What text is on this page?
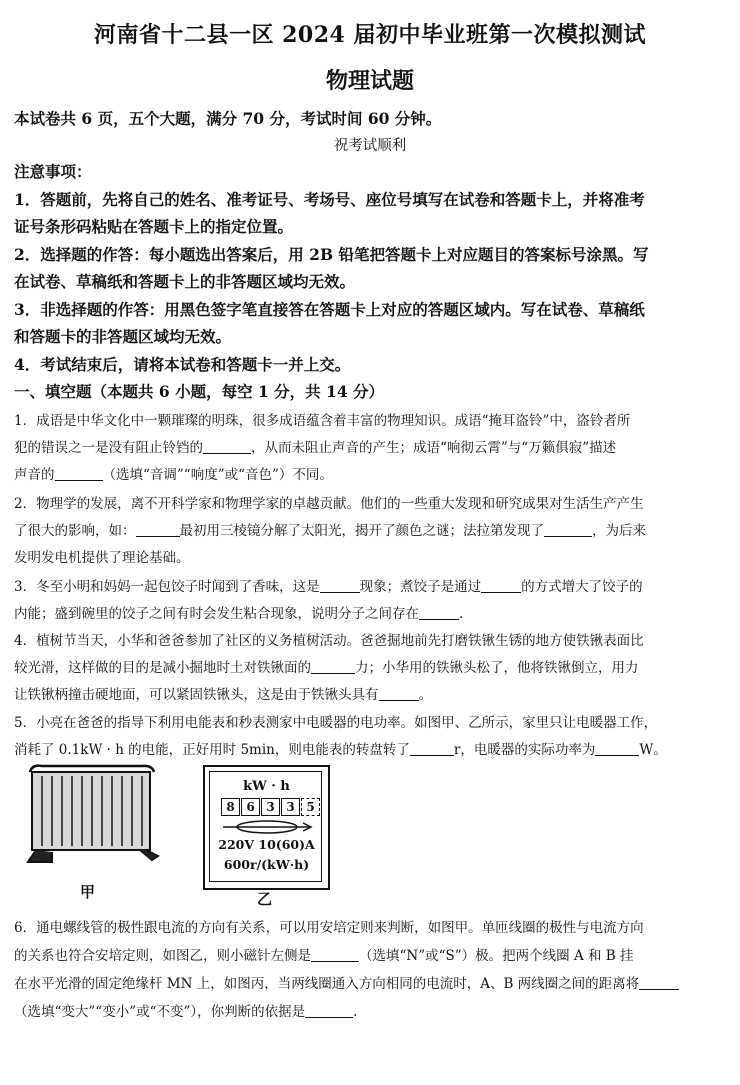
河南省十二县一区 2024 届初中毕业班第一次模拟测试
物理试题
本试卷共 6 页，五个大题，满分 70 分，考试时间 60 分钟。
祝考试顺利
注意事项：
1．答题前，先将自己的姓名、准考证号、考场号、座位号填写在试卷和答题卡上，并将准考
证号条形码粘贴在答题卡上的指定位置。
2．选择题的作答：每小题选出答案后，用 2B 铅笔把答题卡上对应题目的答案标号涂黑。写
在试卷、草稿纸和答题卡上的非答题区域均无效。
3．非选择题的作答：用黑色签字笔直接答在答题卡上对应的答题区域内。写在试卷、草稿纸
和答题卡的非答题区域均无效。
4．考试结束后，请将本试卷和答题卡一并上交。
一、填空题（本题共 6 小题，每空 1 分，共 14 分）
1．成语是中华文化中一颗璀璨的明珠，很多成语蕴含着丰富的物理知识。成语“掩耳盗铃”中，盗铃者所
犯的错误之一是没有阻止铃铛的	，从而未阻止声音的产生；成语“响彻云霄”与“万籁俱寂”描述
声音的	（选填“音调”“响度”或“音色”）不同。
2．物理学的发展，离不开科学家和物理学家的卓越贡献。他们的一些重大发现和研究成果对生活生产产生
了很大的影响，如：	最初用三棱镜分解了太阳光，揭开了颜色之谜；法拉第发现了	，为后来
发明发电机提供了理论基础。
3．冬至小明和妈妈一起包饺子时闻到了香味，这是	现象；煮饺子是通过	的方式增大了饺子的
内能；盛到碗里的饺子之间有时会发生粘合现象，说明分子之间存在	.
4．植树节当天，小华和爸爸参加了社区的义务植树活动。爸爸掘地前先打磨铁锹生锈的地方使铁锹表面比
较光滑，这样做的目的是减小掘地时土对铁锹面的	力；小华用的铁锹头松了，他将铁锹倒立，用力
让铁锹柄撞击硬地面，可以紧固铁锹头，这是由于铁锹头具有	。
5．小亮在爸爸的指导下利用电能表和秒表测家中电暖器的电功率。如图甲、乙所示，家里只让电暖器工作，
消耗了 0.1kW · h 的电能，正好用时 5min，则电能表的转盘转了	r，电暖器的实际功率为	W。
甲
kW · h
8 6 3 3 5
220V 10(60)A
600r/(kW·h)
乙
6．通电螺线管的极性跟电流的方向有关系，可以用安培定则来判断，如图甲。单匝线圈的极性与电流方向
的关系也符合安培定则，如图乙，则小磁针左侧是	（选填“N”或“S”）极。把两个线圈 A 和 B 挂
在水平光滑的固定绝缘杆 MN 上，如图丙，当两线圈通入方向相同的电流时，A、B 两线圈之间的距离将
（选填“变大”“变小”或“不变”），你判断的依据是	.
